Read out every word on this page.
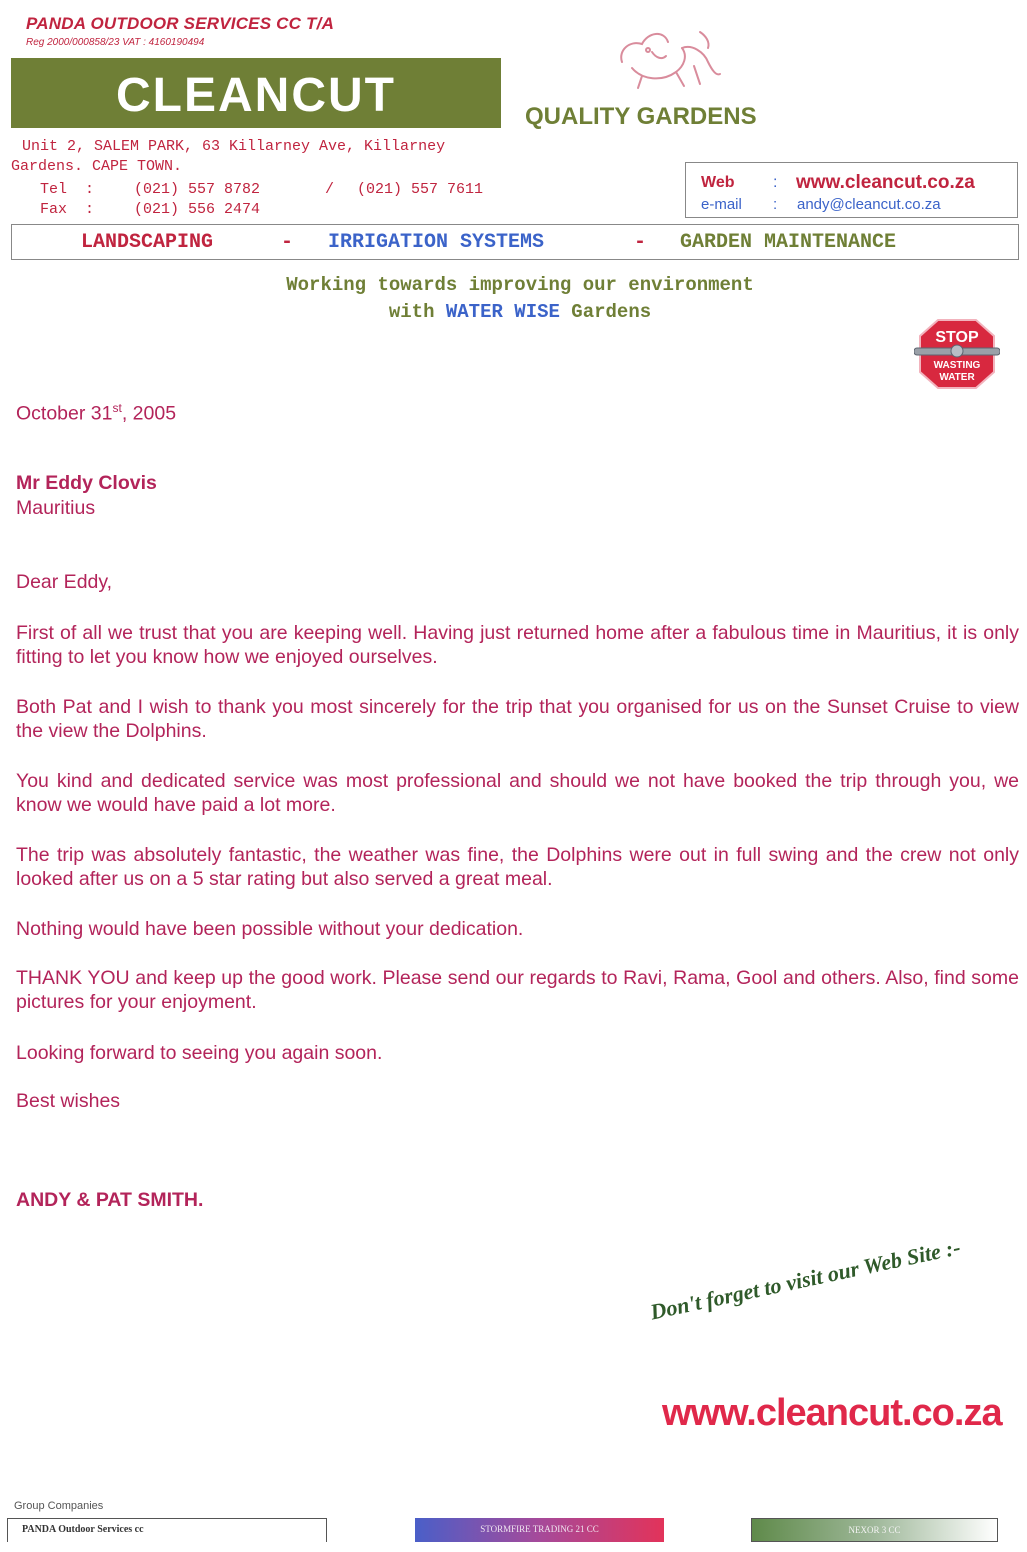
PANDA OUTDOOR SERVICES CC T/A
Reg 2000/000858/23 VAT : 4160190494
CLEANCUT	QUALITY GARDENS
Unit 2, SALEM PARK, 63 Killarney Ave, Killarney
Gardens. CAPE TOWN.
Tel  :	(021) 557 8782	/ (021) 557 7611
Fax  :	(021) 556 2474
Web : www.cleancut.co.za
e-mail : andy@cleancut.co.za
LANDSCAPING	- IRRIGATION SYSTEMS	- GARDEN MAINTENANCE
Working towards improving our environment
with WATER WISE Gardens
STOP
WASTING
WATER
October 31st, 2005
Mr Eddy Clovis
Mauritius
Dear Eddy,
First of all we trust that you are keeping well. Having just returned home after a fabulous time in Mauritius, it is only fitting to let you know how we enjoyed ourselves.
Both Pat and I wish to thank you most sincerely for the trip that you organised for us on the Sunset Cruise to view the view the Dolphins.
You kind and dedicated service was most professional and should we not have booked the trip through you, we know we would have paid a lot more.
The trip was absolutely fantastic, the weather was fine, the Dolphins were out in full swing and the crew not only looked after us on a 5 star rating but also served a great meal.
Nothing would have been possible without your dedication.
THANK YOU and keep up the good work. Please send our regards to Ravi, Rama, Gool and others. Also, find some pictures for your enjoyment.
Looking forward to seeing you again soon.
Best wishes
ANDY & PAT SMITH.
Don't forget to visit our Web Site :-
www.cleancut.co.za
Group Companies
PANDA Outdoor Services cc	STORMFIRE TRADING 21 CC	NEXOR 3 CC
